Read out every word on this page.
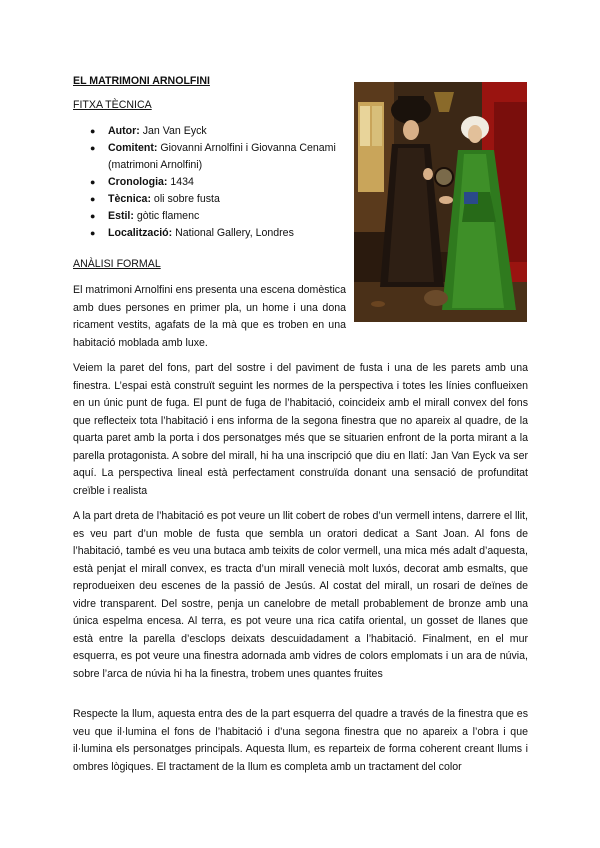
EL MATRIMONI ARNOLFINI
FITXA TÈCNICA
● Autor: Jan Van Eyck
● Comitent: Giovanni Arnolfini i Giovanna Cenami (matrimoni Arnolfini)
● Cronologia: 1434
● Tècnica: oli sobre fusta
● Estil: gòtic flamenc
● Localització: National Gallery, Londres
ANÀLISI FORMAL
El matrimoni Arnolfini ens presenta una escena domèstica amb dues persones en primer pla, un home i una dona ricament vestits, agafats de la mà que es troben en una habitació moblada amb luxe.
Veiem la paret del fons, part del sostre i del paviment de fusta i una de les parets amb una finestra. L’espai està construït seguint les normes de la perspectiva i totes les línies conflueixen en un únic punt de fuga. El punt de fuga de l’habitació, coincideix amb el mirall convex del fons que reflecteix tota l’habitació i ens informa de la segona finestra que no apareix al quadre, de la quarta paret amb la porta i dos personatges més que se situarien enfront de la porta mirant a la parella protagonista. A sobre del mirall, hi ha una inscripció que diu en llatí: Jan Van Eyck va ser aquí. La perspectiva lineal està perfectament construïda donant una sensació de profunditat creïble i realista
A la part dreta de l’habitació es pot veure un llit cobert de robes d’un vermell intens, darrere el llit, es veu part d’un moble de fusta que sembla un oratori dedicat a Sant Joan. Al fons de l’habitació, també es veu una butaca amb teixits de color vermell, una mica més adalt d’aquesta, està penjat el mirall convex, es tracta d’un mirall venecià molt luxós, decorat amb esmalts, que reprodueixen deu escenes de la passió de Jesús. Al costat del mirall, un rosari de deïnes de vidre transparent. Del sostre, penja un canelobre de metall probablement de bronze amb una única espelma encesa. Al terra, es pot veure una rica catifa oriental, un gosset de llanes que està entre la parella d’esclops deixats descuidadament a l’habitació. Finalment, en el mur esquerra, es pot veure una finestra adornada amb vidres de colors emplomats i un ara de núvia, sobre l’arca de núvia hi ha la finestra, trobem unes quantes fruites
Respecte la llum, aquesta entra des de la part esquerra del quadre a través de la finestra que es veu que il·lumina el fons de l’habitació i d’una segona finestra que no apareix a l’obra i que il·lumina els personatges principals. Aquesta llum, es reparteix de forma coherent creant llums i ombres lògiques. El tractament de la llum es completa amb un tractament del color
